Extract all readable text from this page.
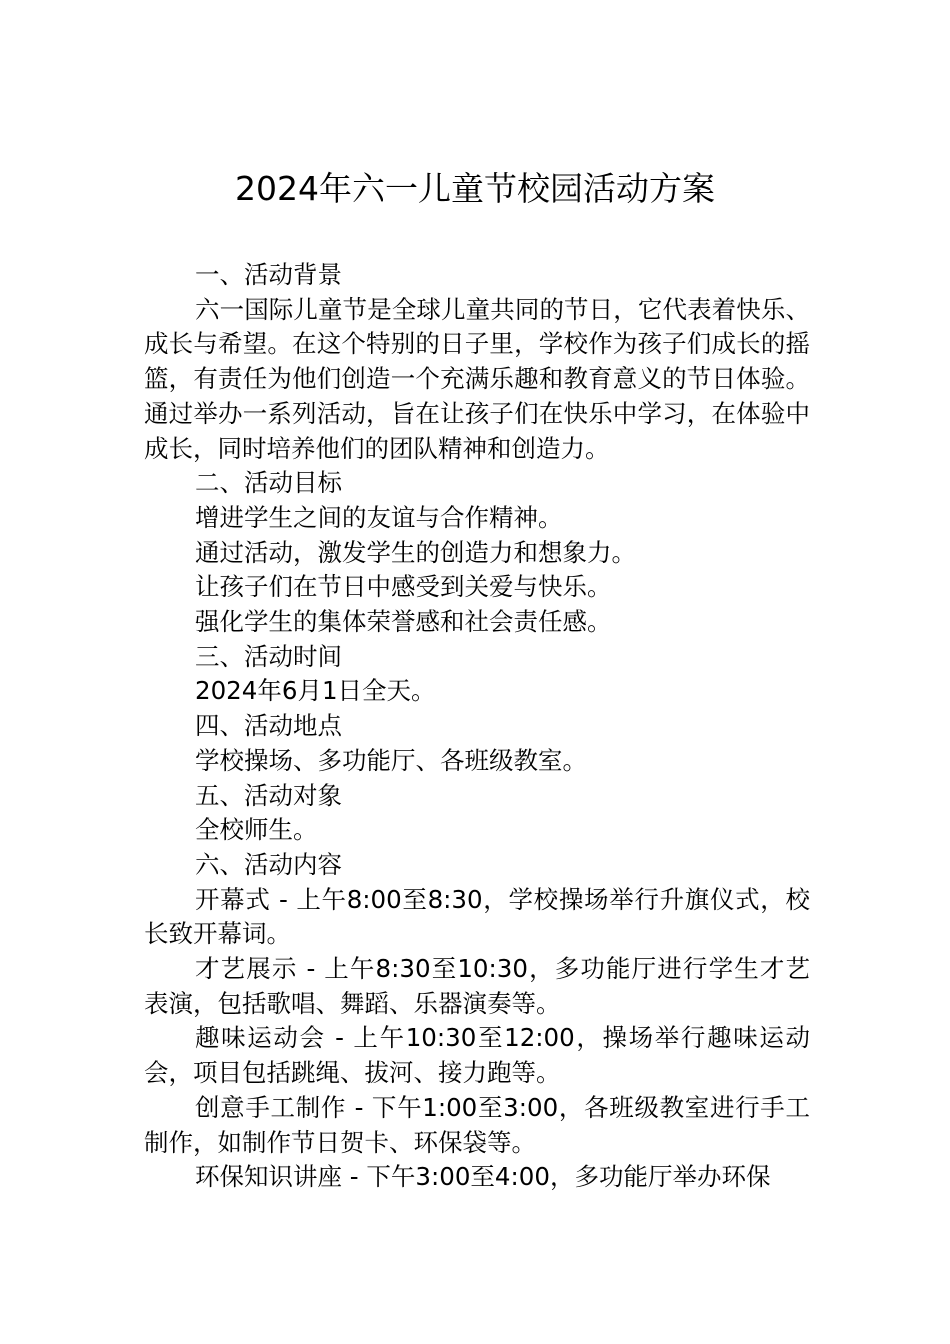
2024年六一儿童节校园活动方案

一、活动背景

六一国际儿童节是全球儿童共同的节日，它代表着快乐、成长与希望。在这个特别的日子里，学校作为孩子们成长的摇篮，有责任为他们创造一个充满乐趣和教育意义的节日体验。通过举办一系列活动，旨在让孩子们在快乐中学习，在体验中成长，同时培养他们的团队精神和创造力。

二、活动目标

增进学生之间的友谊与合作精神。

通过活动，激发学生的创造力和想象力。

让孩子们在节日中感受到关爱与快乐。

强化学生的集体荣誉感和社会责任感。

三、活动时间

2024年6月1日全天。

四、活动地点

学校操场、多功能厅、各班级教室。

五、活动对象

全校师生。

六、活动内容

开幕式 - 上午8:00至8:30，学校操场举行升旗仪式，校长致开幕词。

才艺展示 - 上午8:30至10:30，多功能厅进行学生才艺表演，包括歌唱、舞蹈、乐器演奏等。

趣味运动会 - 上午10:30至12:00，操场举行趣味运动会，项目包括跳绳、拔河、接力跑等。

创意手工制作 - 下午1:00至3:00，各班级教室进行手工制作，如制作节日贺卡、环保袋等。

环保知识讲座 - 下午3:00至4:00，多功能厅举办环保
